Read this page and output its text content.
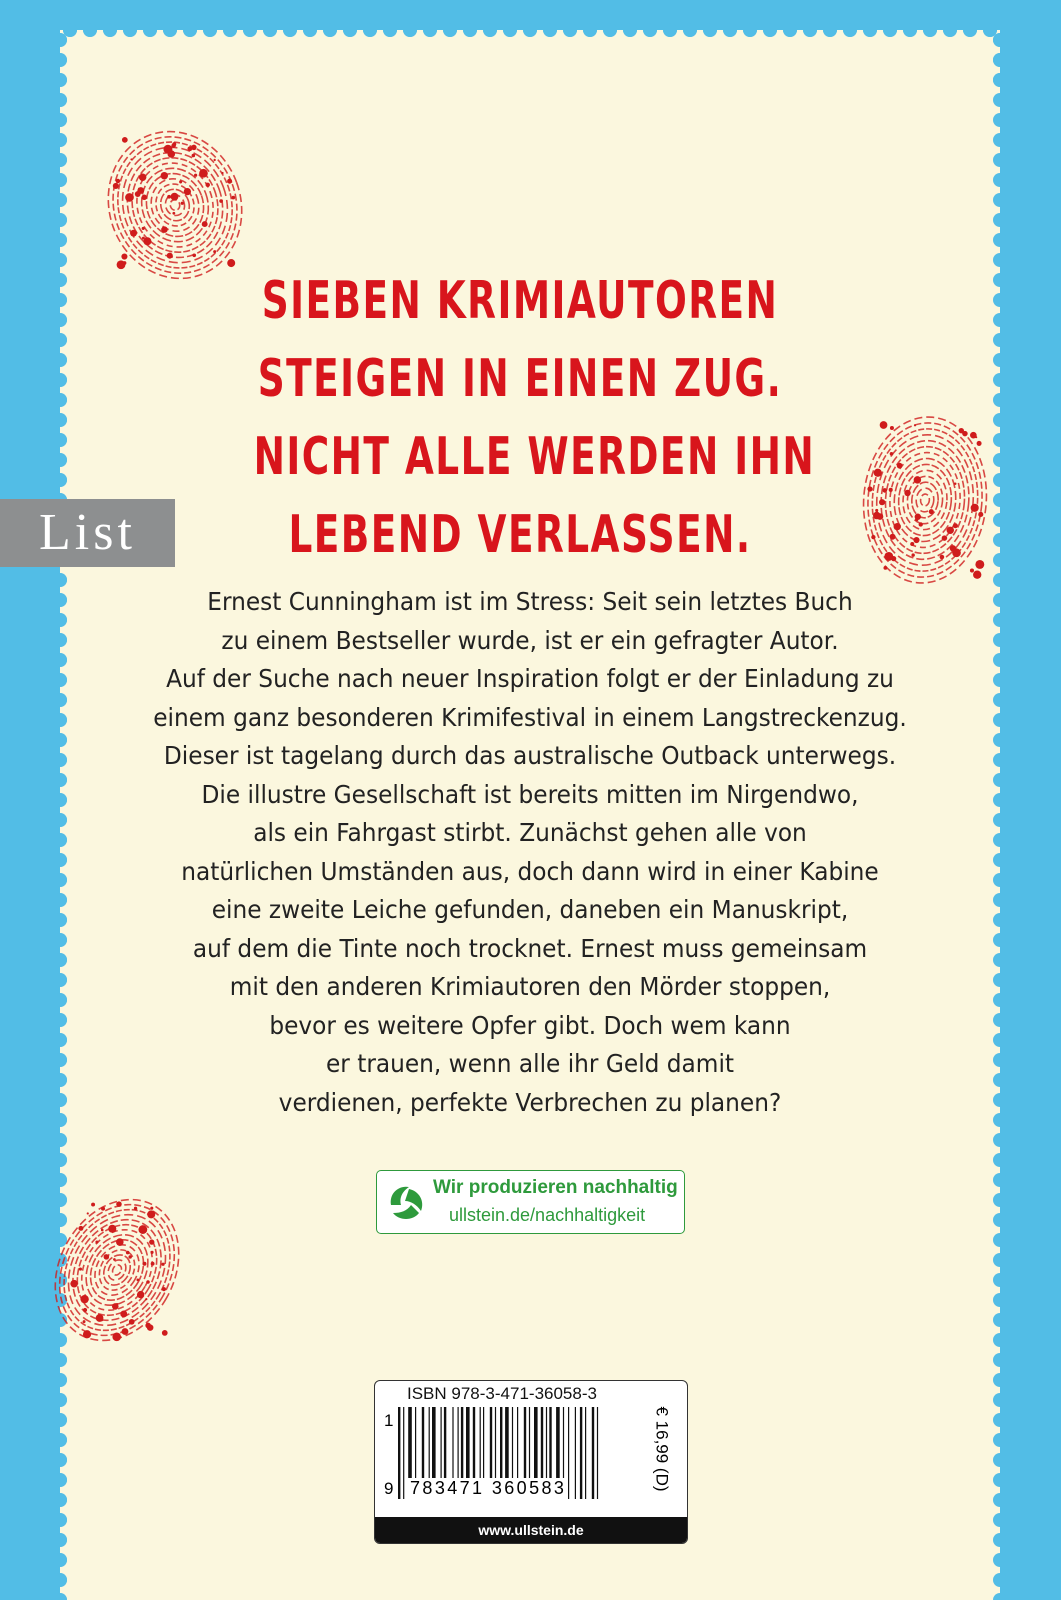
SIEBEN KRIMIAUTOREN
STEIGEN IN EINEN ZUG.
NICHT ALLE WERDEN IHN
LEBEND VERLASSEN.
List
Ernest Cunningham ist im Stress: Seit sein letztes Buch
zu einem Bestseller wurde, ist er ein gefragter Autor.
Auf der Suche nach neuer Inspiration folgt er der Einladung zu
einem ganz besonderen Krimifestival in einem Langstreckenzug.
Dieser ist tagelang durch das australische Outback unterwegs.
Die illustre Gesellschaft ist bereits mitten im Nirgendwo,
als ein Fahrgast stirbt. Zunächst gehen alle von
natürlichen Umständen aus, doch dann wird in einer Kabine
eine zweite Leiche gefunden, daneben ein Manuskript,
auf dem die Tinte noch trocknet. Ernest muss gemeinsam
mit den anderen Krimiautoren den Mörder stoppen,
bevor es weitere Opfer gibt. Doch wem kann
er trauen, wenn alle ihr Geld damit
verdienen, perfekte Verbrechen zu planen?
Wir produzieren nachhaltig
ullstein.de/nachhaltigkeit
ISBN 978-3-471-36058-3
1
9 783471 360583	€ 16,99 (D)
www.ullstein.de
